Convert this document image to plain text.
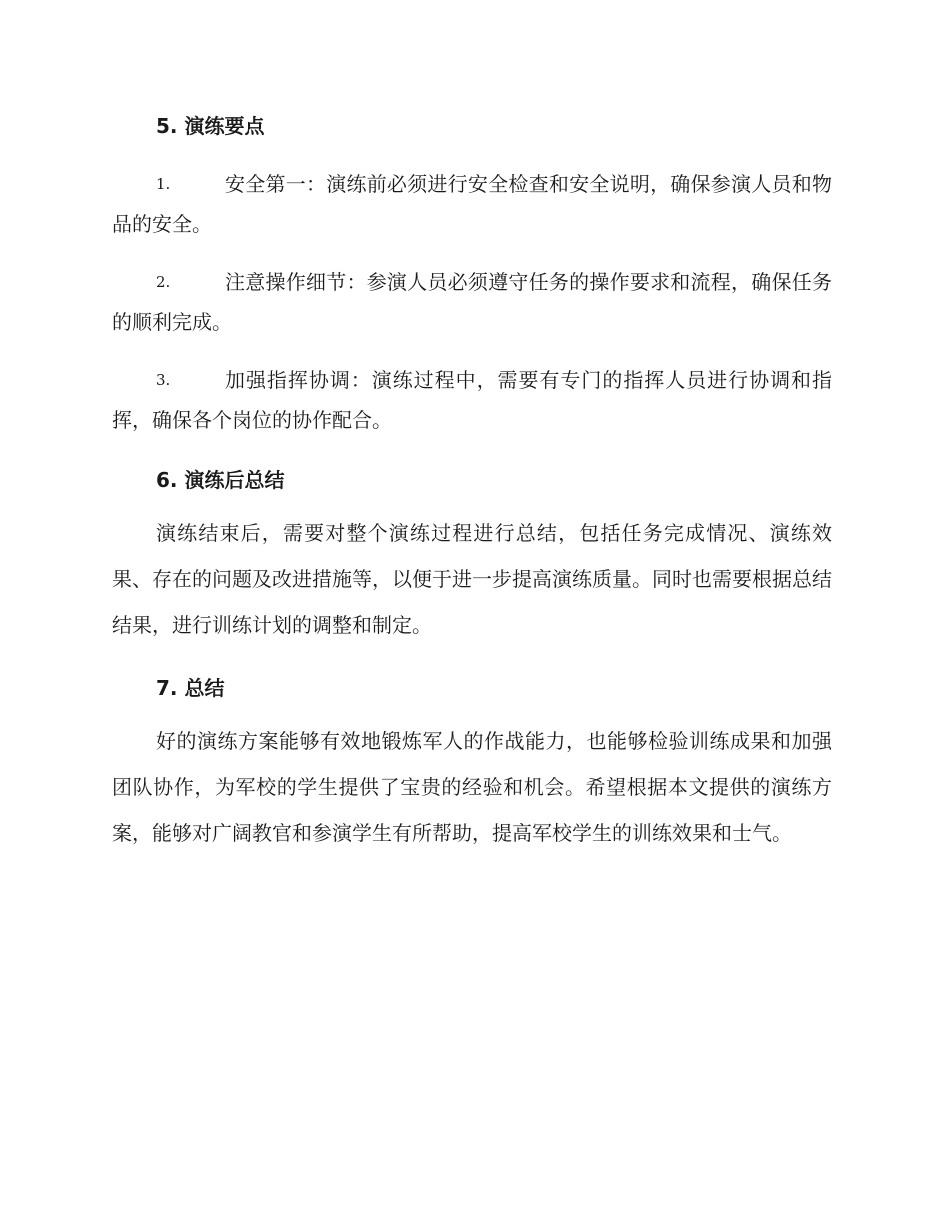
5. 演练要点
1.	安全第一：演练前必须进行安全检查和安全说明，确保参演人员和物品的安全。
2.	注意操作细节：参演人员必须遵守任务的操作要求和流程，确保任务的顺利完成。
3.	加强指挥协调：演练过程中，需要有专门的指挥人员进行协调和指挥，确保各个岗位的协作配合。
6. 演练后总结

演练结束后，需要对整个演练过程进行总结，包括任务完成情况、演练效果、存在的问题及改进措施等，以便于进一步提高演练质量。同时也需要根据总结结果，进行训练计划的调整和制定。

7. 总结

好的演练方案能够有效地锻炼军人的作战能力，也能够检验训练成果和加强团队协作，为军校的学生提供了宝贵的经验和机会。希望根据本文提供的演练方案，能够对广阔教官和参演学生有所帮助，提高军校学生的训练效果和士气。
